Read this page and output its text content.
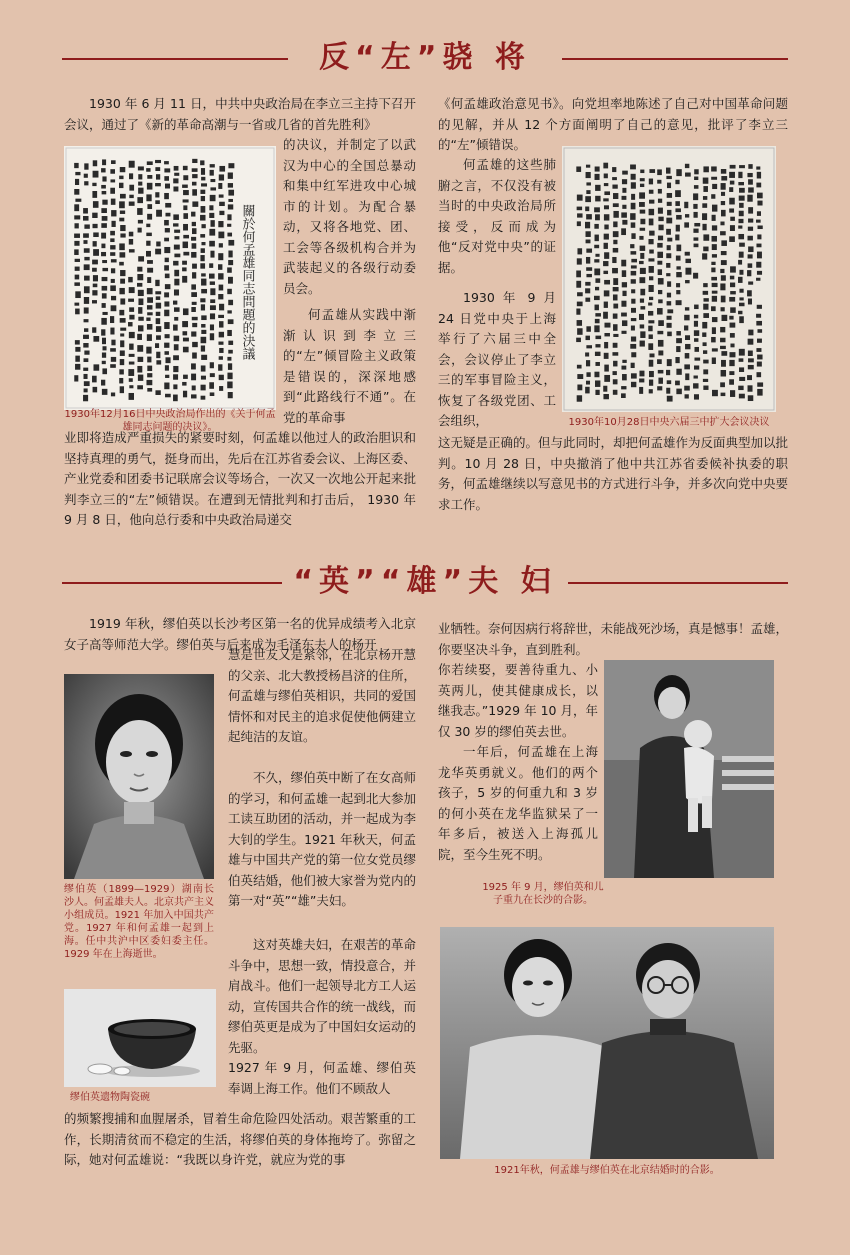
反“左”骁 将

1930 年 6 月 11 日，中共中央政治局在李立三主持下召开会议，通过了《新的革命高潮与一省或几省的首先胜利》

關於何孟雄同志問題的決議

的决议，并制定了以武汉为中心的全国总暴动和集中红军进攻中心城市的计划。为配合暴动，又将各地党、团、工会等各级机构合并为武装起义的各级行动委员会。

何孟雄从实践中渐渐认识到李立三的“左”倾冒险主义政策是错误的，深深地感到“此路线行不通”。在党的革命事

1930年12月16日中央政治局作出的《关于何孟雄同志问题的决议》。

业即将造成严重损失的紧要时刻，何孟雄以他过人的政治胆识和坚持真理的勇气，挺身而出，先后在江苏省委会议、上海区委、产业党委和团委书记联席会议等场合，一次又一次地公开起来批判李立三的“左”倾错误。在遭到无情批判和打击后， 1930 年 9 月 8 日，他向总行委和中央政治局递交

《何孟雄政治意见书》。向党坦率地陈述了自己对中国革命问题的见解，并从 12 个方面阐明了自己的意见，批评了李立三的“左”倾错误。

何孟雄的这些肺腑之言，不仅没有被当时的中央政治局所接受，反而成为他“反对党中央”的证据。

1930 年 9 月 24 日党中央于上海举行了六届三中全会，会议停止了李立三的军事冒险主义，恢复了各级党团、工会组织，	1930年10月28日中央六届三中扩大会议决议

这无疑是正确的。但与此同时，却把何孟雄作为反面典型加以批判。10 月 28 日，中央撤消了他中共江苏省委候补执委的职务，何孟雄继续以写意见书的方式进行斗争，并多次向党中央要求工作。

“英”“雄”夫 妇

1919 年秋，缪伯英以长沙考区第一名的优异成绩考入北京女子高等师范大学。缪伯英与后来成为毛泽东夫人的杨开

慧是世友又是紧邻，在北京杨开慧的父亲、北大教授杨昌济的住所，何孟雄与缪伯英相识，共同的爱国情怀和对民主的追求促使他俩建立起纯洁的友谊。

不久，缪伯英中断了在女高师的学习，和何孟雄一起到北大参加工读互助团的活动，并一起成为李大钊的学生。1921 年秋天，何孟雄与中国共产党的第一位女党员缪伯英结婚，他们被大家誉为党内的第一对“英”“雄”夫妇。

缪伯英（1899—1929）湖南长沙人。何孟雄夫人。北京共产主义小组成员。1921 年加入中国共产党。1927 年和何孟雄一起到上海。任中共沪中区委妇委主任。1929 年在上海逝世。

这对英雄夫妇，在艰苦的革命斗争中，思想一致，情投意合，并肩战斗。他们一起领导北方工人运动，宣传国共合作的统一战线，而缪伯英更是成为了中国妇女运动的先驱。

1927 年 9 月，何孟雄、缪伯英奉调上海工作。他们不顾敌人

缪伯英遗物陶瓷碗

的频繁搜捕和血腥屠杀，冒着生命危险四处活动。艰苦繁重的工作，长期清贫而不稳定的生活，将缪伯英的身体拖垮了。弥留之际，她对何孟雄说：“我既以身许党，就应为党的事

业牺牲。奈何因病行将辞世，未能战死沙场，真是憾事！孟雄，你要坚决斗争，直到胜利。

你若续娶，要善待重九、小英两儿，使其健康成长，以继我志。”1929 年 10 月，年仅 30 岁的缪伯英去世。

一年后，何孟雄在上海龙华英勇就义。他们的两个孩子，5 岁的何重九和 3 岁的何小英在龙华监狱呆了一年多后，被送入上海孤儿院，至今生死不明。

1925 年 9 月，缪伯英和儿子重九在长沙的合影。

1921年秋，何孟雄与缪伯英在北京结婚时的合影。
